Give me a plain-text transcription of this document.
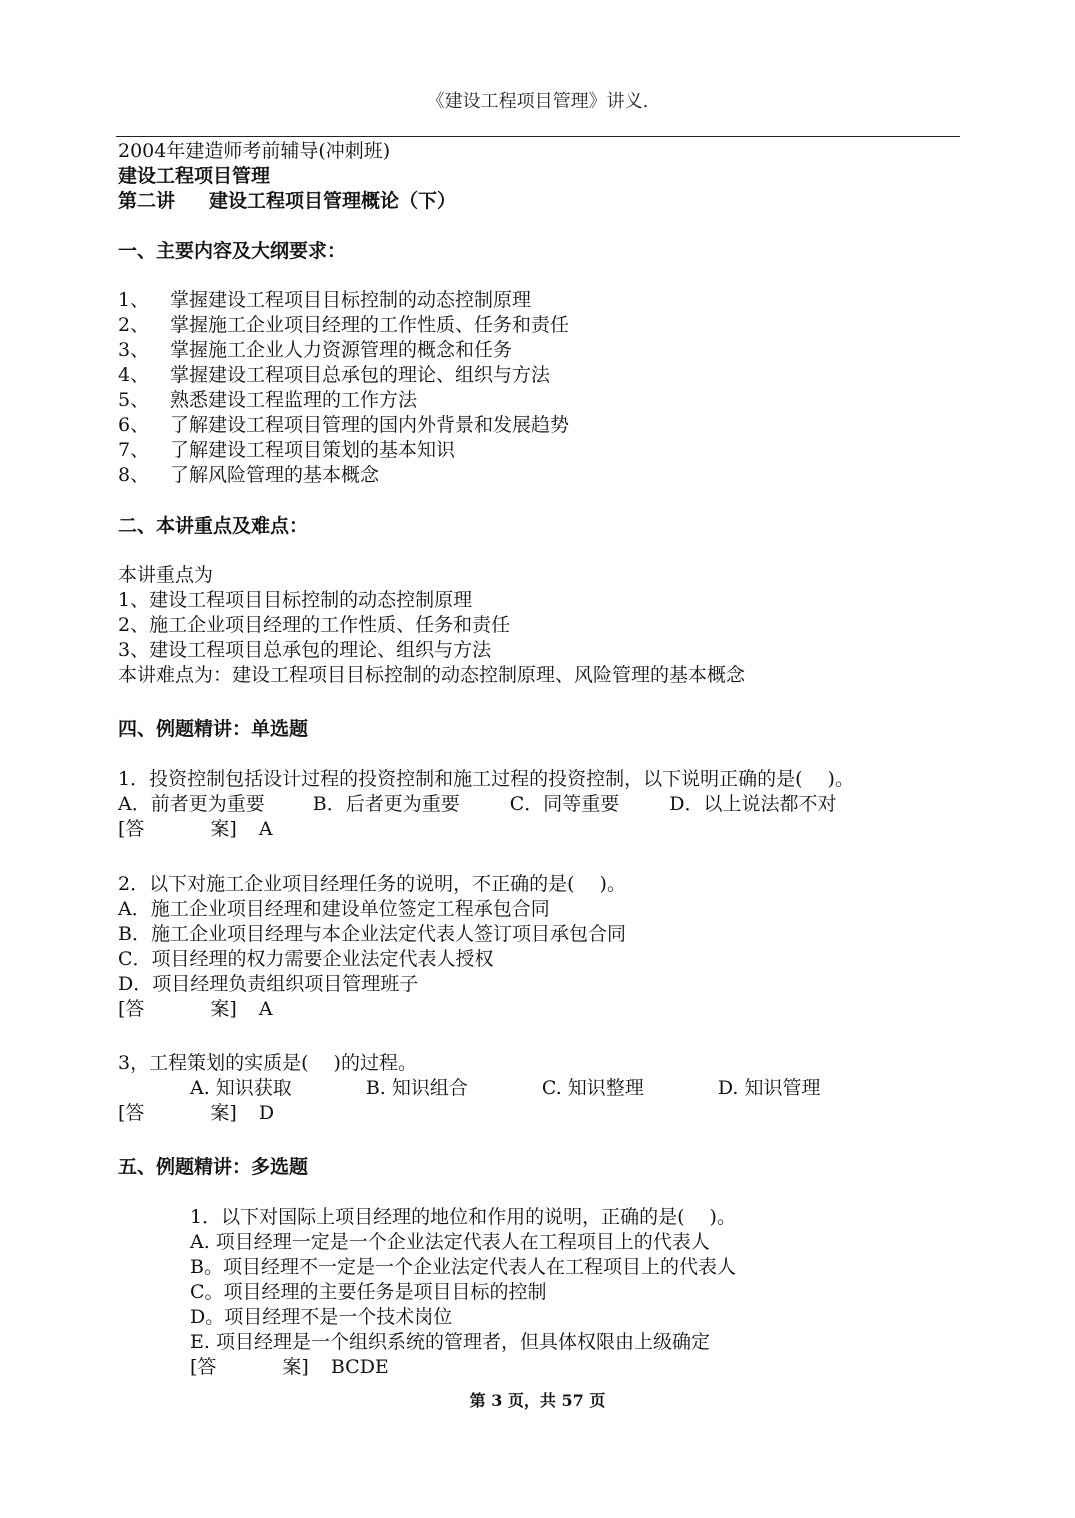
《建设工程项目管理》讲义.
2004年建造师考前辅导(冲刺班)
建设工程项目管理
第二讲 建设工程项目管理概论（下）
一、主要内容及大纲要求：
1、 掌握建设工程项目目标控制的动态控制原理
2、 掌握施工企业项目经理的工作性质、任务和责任
3、 掌握施工企业人力资源管理的概念和任务
4、 掌握建设工程项目总承包的理论、组织与方法
5、 熟悉建设工程监理的工作方法
6、 了解建设工程项目管理的国内外背景和发展趋势
7、 了解建设工程项目策划的基本知识
8、 了解风险管理的基本概念
二、本讲重点及难点：
本讲重点为
1、建设工程项目目标控制的动态控制原理
2、施工企业项目经理的工作性质、任务和责任
3、建设工程项目总承包的理论、组织与方法
本讲难点为：建设工程项目目标控制的动态控制原理、风险管理的基本概念
四、例题精讲：单选题
1．投资控制包括设计过程的投资控制和施工过程的投资控制，以下说明正确的是(　 )。
A．前者更为重要	B．后者更为重要	C．同等重要	D．以上说法都不对
[答	案] A
2．以下对施工企业项目经理任务的说明，不正确的是(　 )。
A．施工企业项目经理和建设单位签定工程承包合同
B．施工企业项目经理与本企业法定代表人签订项目承包合同
C．项目经理的权力需要企业法定代表人授权
D．项目经理负责组织项目管理班子
[答	案] A
3，工程策划的实质是(　 )的过程。
A. 知识获取	B. 知识组合	C. 知识整理	D. 知识管理
[答	案] D
五、例题精讲：多选题
1．以下对国际上项目经理的地位和作用的说明，正确的是(　 )。
A. 项目经理一定是一个企业法定代表人在工程项目上的代表人
B。项目经理不一定是一个企业法定代表人在工程项目上的代表人
C。项目经理的主要任务是项目目标的控制
D。项目经理不是一个技术岗位
E. 项目经理是一个组织系统的管理者，但具体权限由上级确定
[答	案] BCDE
第 3 页，共 57 页
